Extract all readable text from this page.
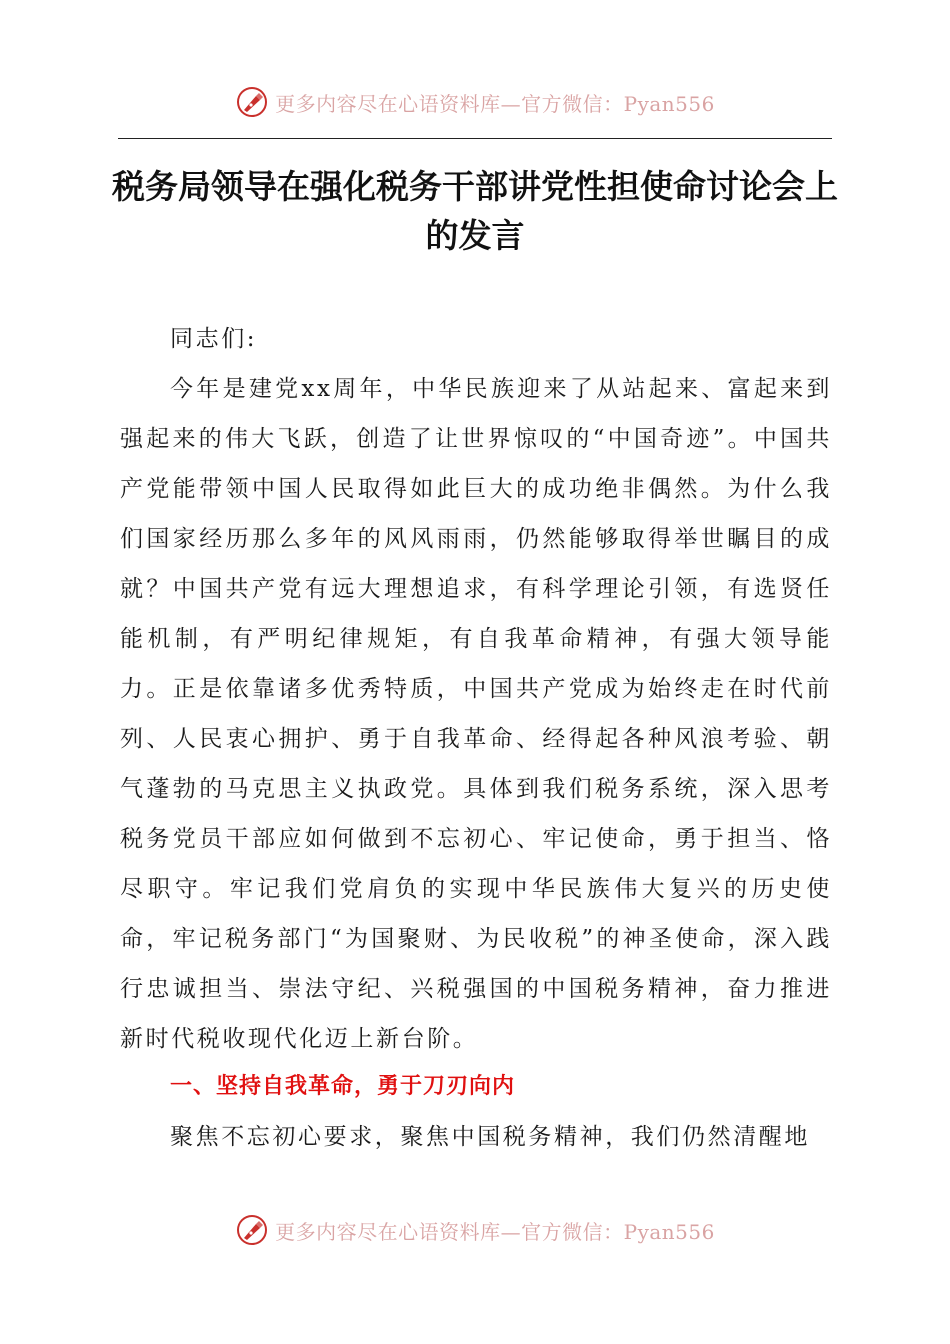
更多内容尽在心语资料库—官方微信：Pyan556
税务局领导在强化税务干部讲党性担使命讨论会上的发言
同志们:
今年是建党xx周年，中华民族迎来了从站起来、富起来到强起来的伟大飞跃，创造了让世界惊叹的“中国奇迹”。中国共产党能带领中国人民取得如此巨大的成功绝非偶然。为什么我们国家经历那么多年的风风雨雨，仍然能够取得举世瞩目的成就？中国共产党有远大理想追求，有科学理论引领，有选贤任能机制，有严明纪律规矩，有自我革命精神，有强大领导能力。正是依靠诸多优秀特质，中国共产党成为始终走在时代前列、人民衷心拥护、勇于自我革命、经得起各种风浪考验、朝气蓬勃的马克思主义执政党。具体到我们税务系统，深入思考税务党员干部应如何做到不忘初心、牢记使命，勇于担当、恪尽职守。牢记我们党肩负的实现中华民族伟大复兴的历史使命，牢记税务部门“为国聚财、为民收税”的神圣使命，深入践行忠诚担当、崇法守纪、兴税强国的中国税务精神，奋力推进新时代税收现代化迈上新台阶。
一、坚持自我革命，勇于刀刃向内
聚焦不忘初心要求，聚焦中国税务精神，我们仍然清醒地
更多内容尽在心语资料库—官方微信：Pyan556
